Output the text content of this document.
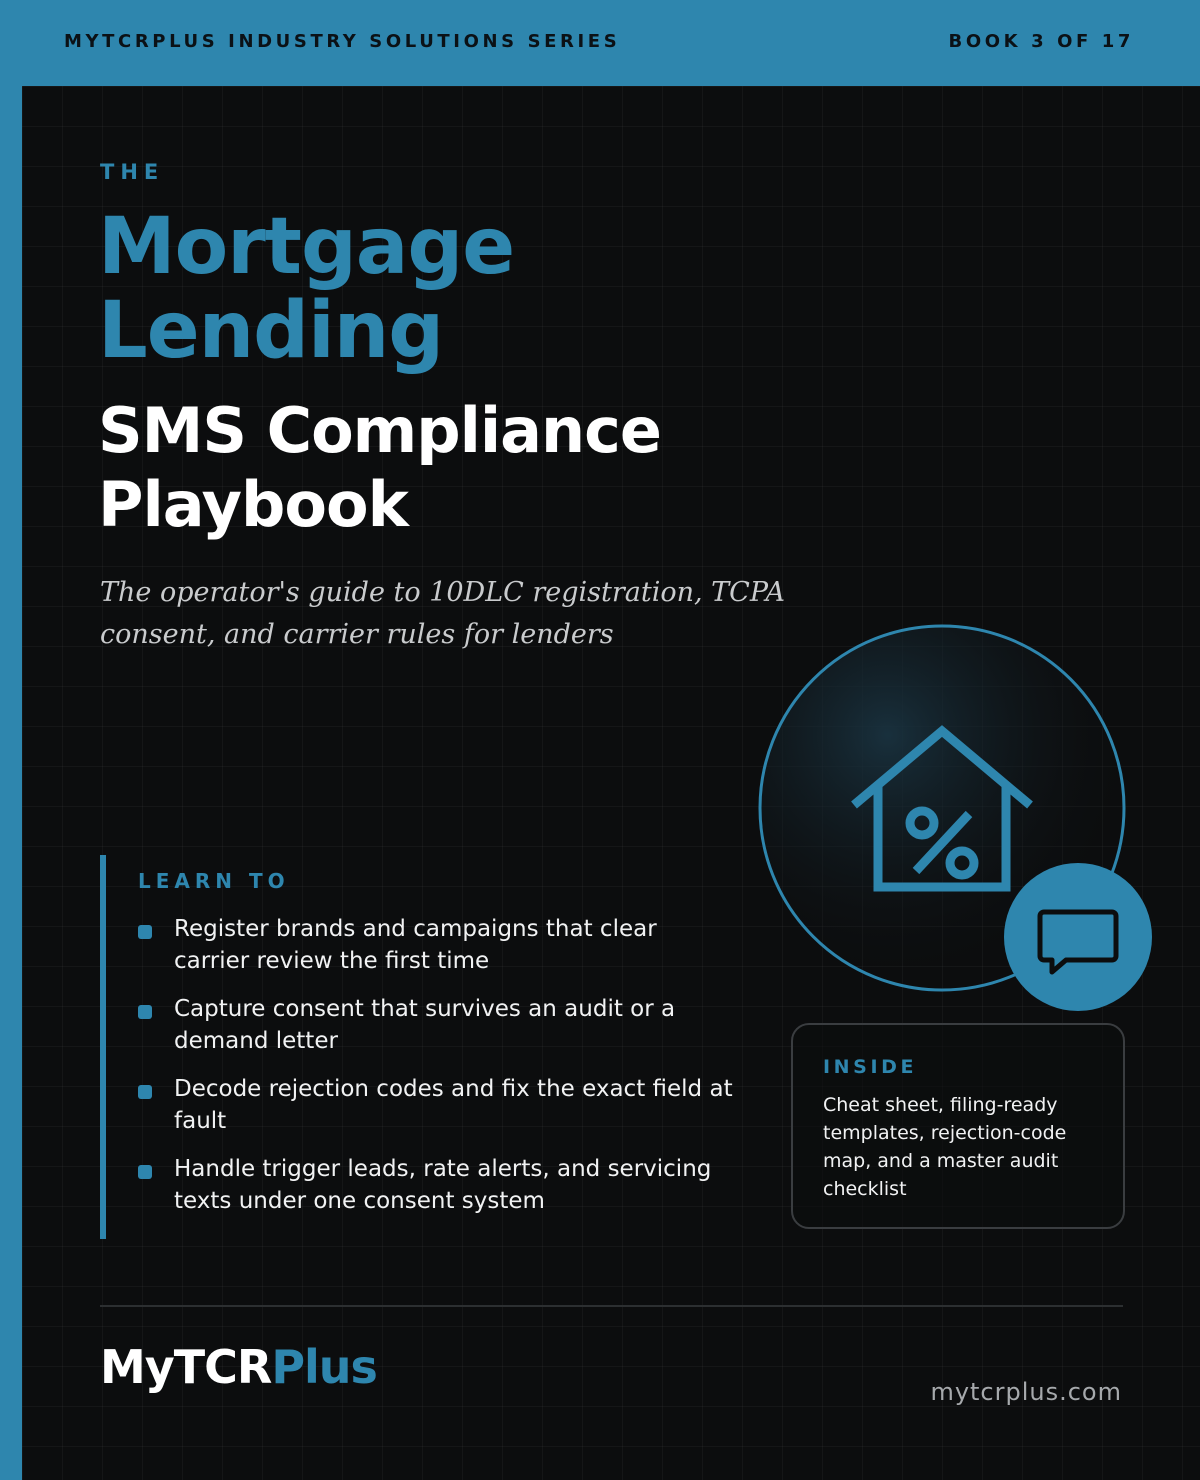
MYTCRPLUS INDUSTRY SOLUTIONS SERIES	BOOK 3 OF 17
THE
Mortgage
Lending
SMS Compliance
Playbook
The operator's guide to 10DLC registration, TCPA consent, and carrier rules for lenders
LEARN TO
Register brands and campaigns that clear carrier review the first time
Capture consent that survives an audit or a demand letter
Decode rejection codes and fix the exact field at fault
Handle trigger leads, rate alerts, and servicing texts under one consent system
INSIDE
Cheat sheet, filing-ready templates, rejection-code map, and a master audit checklist
MyTCRPlus	mytcrplus.com
